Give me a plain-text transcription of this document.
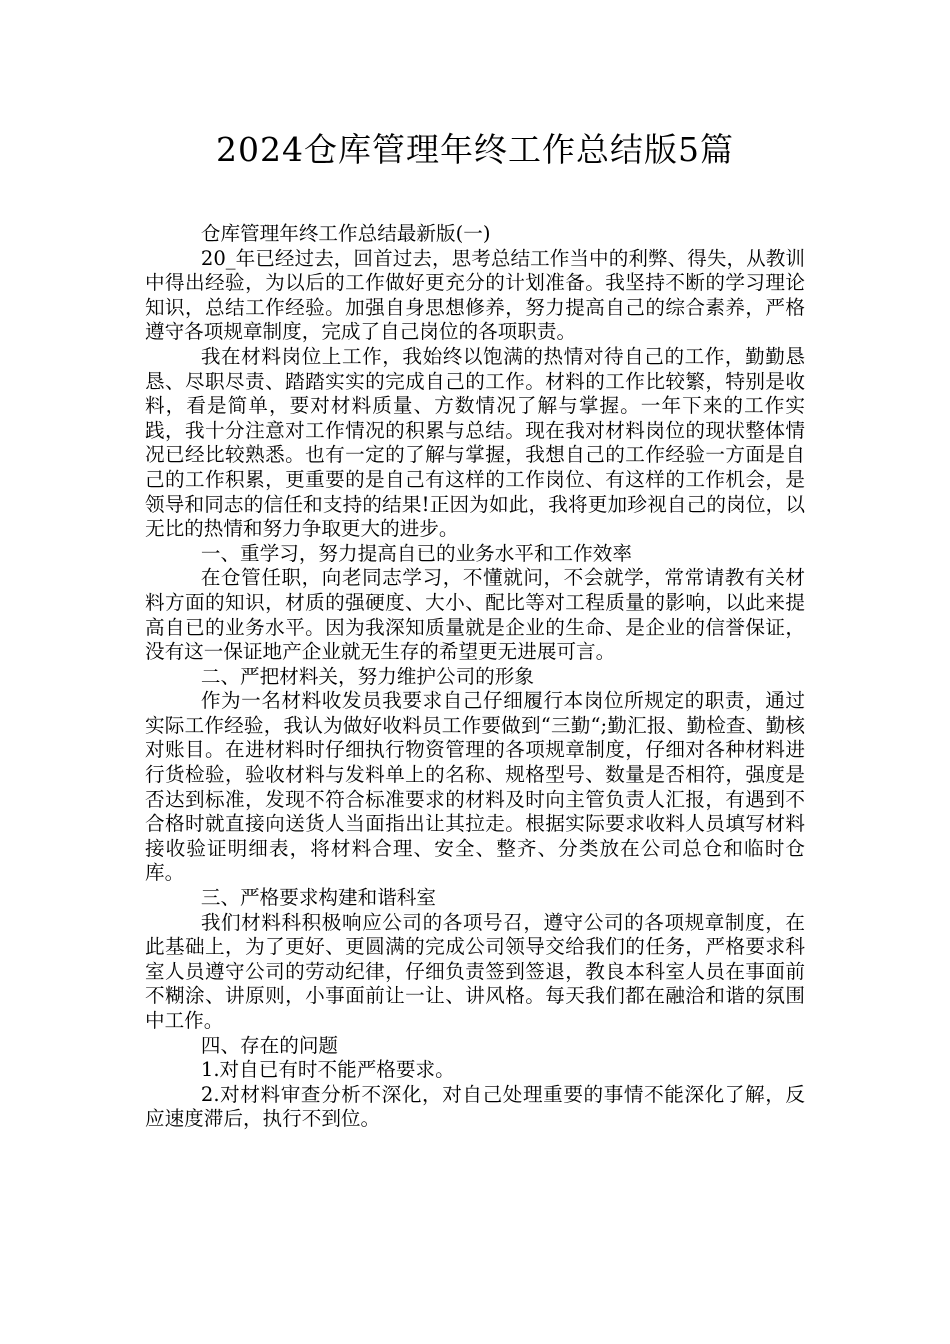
2024仓库管理年终工作总结版5篇

仓库管理年终工作总结最新版(一)

20_年已经过去，回首过去，思考总结工作当中的利弊、得失，从教训中得出经验，为以后的工作做好更充分的计划准备。我坚持不断的学习理论知识，总结工作经验。加强自身思想修养，努力提高自己的综合素养，严格遵守各项规章制度，完成了自己岗位的各项职责。

我在材料岗位上工作，我始终以饱满的热情对待自己的工作，勤勤恳恳、尽职尽责、踏踏实实的完成自己的工作。材料的工作比较繁，特别是收料，看是简单，要对材料质量、方数情况了解与掌握。一年下来的工作实践，我十分注意对工作情况的积累与总结。现在我对材料岗位的现状整体情况已经比较熟悉。也有一定的了解与掌握，我想自己的工作经验一方面是自己的工作积累，更重要的是自己有这样的工作岗位、有这样的工作机会，是领导和同志的信任和支持的结果!正因为如此，我将更加珍视自己的岗位，以无比的热情和努力争取更大的进步。

一、重学习，努力提高自已的业务水平和工作效率

在仓管任职，向老同志学习，不懂就问，不会就学，常常请教有关材料方面的知识，材质的强硬度、大小、配比等对工程质量的影响，以此来提高自已的业务水平。因为我深知质量就是企业的生命、是企业的信誉保证，没有这一保证地产企业就无生存的希望更无进展可言。

二、严把材料关，努力维护公司的形象

作为一名材料收发员我要求自己仔细履行本岗位所规定的职责，通过实际工作经验，我认为做好收料员工作要做到“三勤“;勤汇报、勤检查、勤核对账目。在进材料时仔细执行物资管理的各项规章制度，仔细对各种材料进行货检验，验收材料与发料单上的名称、规格型号、数量是否相符，强度是否达到标准，发现不符合标准要求的材料及时向主管负责人汇报，有遇到不合格时就直接向送货人当面指出让其拉走。根据实际要求收料人员填写材料接收验证明细表，将材料合理、安全、整齐、分类放在公司总仓和临时仓库。

三、严格要求构建和谐科室

我们材料科积极响应公司的各项号召，遵守公司的各项规章制度，在此基础上，为了更好、更圆满的完成公司领导交给我们的任务，严格要求科室人员遵守公司的劳动纪律，仔细负责签到签退，教良本科室人员在事面前不糊涂、讲原则，小事面前让一让、讲风格。每天我们都在融洽和谐的氛围中工作。

四、存在的问题

1.对自已有时不能严格要求。

2.对材料审查分析不深化，对自己处理重要的事情不能深化了解，反应速度滞后，执行不到位。
